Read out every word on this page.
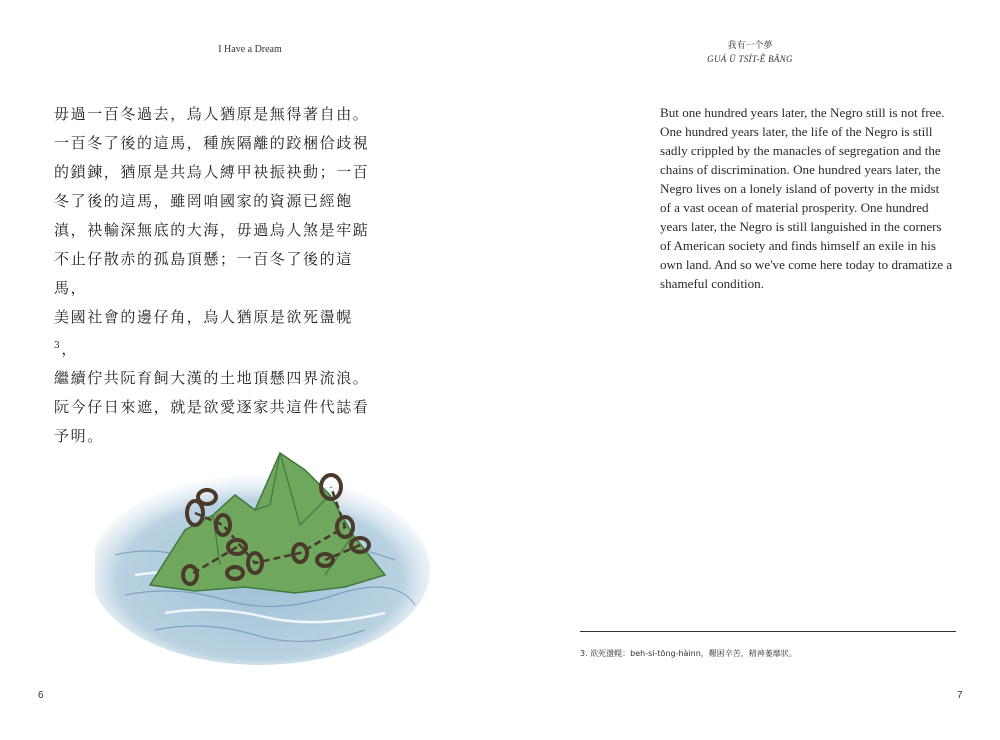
I Have a Dream
毋過一百冬過去，烏人猶原是無得著自由。
一百冬了後的這馬，種族隔離的跤梱佮歧視
的鎖鍊，猶原是共烏人縛甲袂振袂動；一百
冬了後的這馬，雖罔咱國家的資源已經飽
滇，袂輸深無底的大海，毋過烏人煞是牢踮
不止仔散赤的孤島頂懸；一百冬了後的這馬，
美國社會的邊仔角，烏人猶原是欲死盪幌$^3$，
繼續佇共阮育飼大漢的土地頂懸四界流浪。
阮今仔日來遮，就是欲愛逐家共這件代誌看
予明。
6
我有一个夢
GUÁ Ū TSÍT-Ê BĀNG
But one hundred years later, the Negro still is not free.
One hundred years later, the life of the Negro is still
sadly crippled by the manacles of segregation and the
chains of discrimination. One hundred years later, the
Negro lives on a lonely island of poverty in the midst
of a vast ocean of material prosperity. One hundred
years later, the Negro is still languished in the corners
of American society and finds himself an exile in his
own land. And so we've come here today to dramatize a
shameful condition.
3. 欲死盪幌：beh-sí-tōng-hàinn，艱困辛苦，精神萎靡狀。
7
